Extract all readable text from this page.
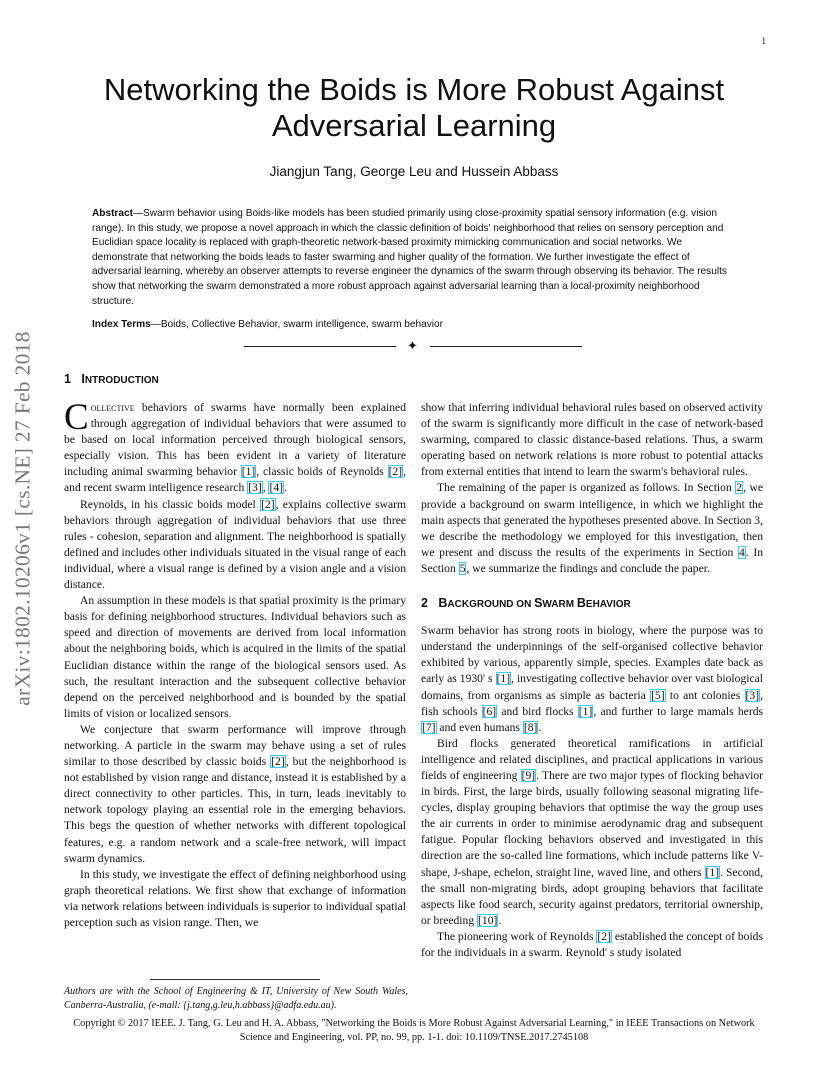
1
arXiv:1802.10206v1 [cs.NE] 27 Feb 2018
Networking the Boids is More Robust Against
Adversarial Learning
Jiangjun Tang, George Leu and Hussein Abbass
Abstract—Swarm behavior using Boids-like models has been studied primarily using close-proximity spatial sensory information (e.g. vision range). In this study, we propose a novel approach in which the classic definition of boids' neighborhood that relies on sensory perception and Euclidian space locality is replaced with graph-theoretic network-based proximity mimicking communication and social networks. We demonstrate that networking the boids leads to faster swarming and higher quality of the formation. We further investigate the effect of adversarial learning, whereby an observer attempts to reverse engineer the dynamics of the swarm through observing its behavior. The results show that networking the swarm demonstrated a more robust approach against adversarial learning than a local-proximity neighborhood structure.
Index Terms—Boids, Collective Behavior, swarm intelligence, swarm behavior
✦
1 INTRODUCTION

Collective behaviors of swarms have normally been explained through aggregation of individual behaviors that were assumed to be based on local information perceived through biological sensors, especially vision. This has been evident in a variety of literature including animal swarming behavior [1], classic boids of Reynolds [2], and recent swarm intelligence research [3], [4].

Reynolds, in his classic boids model [2], explains collective swarm behaviors through aggregation of individual behaviors that use three rules - cohesion, separation and alignment. The neighborhood is spatially defined and includes other individuals situated in the visual range of each individual, where a visual range is defined by a vision angle and a vision distance.

An assumption in these models is that spatial proximity is the primary basis for defining neighborhood structures. Individual behaviors such as speed and direction of movements are derived from local information about the neighboring boids, which is acquired in the limits of the spatial Euclidian distance within the range of the biological sensors used. As such, the resultant interaction and the subsequent collective behavior depend on the perceived neighborhood and is bounded by the spatial limits of vision or localized sensors.

We conjecture that swarm performance will improve through networking. A particle in the swarm may behave using a set of rules similar to those described by classic boids [2], but the neighborhood is not established by vision range and distance, instead it is established by a direct connectivity to other particles. This, in turn, leads inevitably to network topology playing an essential role in the emerging behaviors. This begs the question of whether networks with different topological features, e.g. a random network and a scale-free network, will impact swarm dynamics.

In this study, we investigate the effect of defining neighborhood using graph theoretical relations. We first show that exchange of information via network relations between individuals is superior to individual spatial perception such as vision range. Then, we

show that inferring individual behavioral rules based on observed activity of the swarm is significantly more difficult in the case of network-based swarming, compared to classic distance-based relations. Thus, a swarm operating based on network relations is more robust to potential attacks from external entities that intend to learn the swarm's behavioral rules.

The remaining of the paper is organized as follows. In Section 2, we provide a background on swarm intelligence, in which we highlight the main aspects that generated the hypotheses presented above. In Section 3, we describe the methodology we employed for this investigation, then we present and discuss the results of the experiments in Section 4. In Section 5, we summarize the findings and conclude the paper.

2 BACKGROUND ON SWARM BEHAVIOR

Swarm behavior has strong roots in biology, where the purpose was to understand the underpinnings of the self-organised collective behavior exhibited by various, apparently simple, species. Examples date back as early as 1930' s [1], investigating collective behavior over vast biological domains, from organisms as simple as bacteria [5] to ant colonies [3], fish schools [6] and bird flocks [1], and further to large mamals herds [7] and even humans [8].

Bird flocks generated theoretical ramifications in artificial intelligence and related disciplines, and practical applications in various fields of engineering [9]. There are two major types of flocking behavior in birds. First, the large birds, usually following seasonal migrating life-cycles, display grouping behaviors that optimise the way the group uses the air currents in order to minimise aerodynamic drag and subsequent fatigue. Popular flocking behaviors observed and investigated in this direction are the so-called line formations, which include patterns like V-shape, J-shape, echelon, straight line, waved line, and others [1]. Second, the small non-migrating birds, adopt grouping behaviors that facilitate aspects like food search, security against predators, territorial ownership, or breeding [10].

The pioneering work of Reynolds [2] established the concept of boids for the individuals in a swarm. Reynold' s study isolated

Authors are with the School of Engineering & IT, University of New South Wales, Canberra-Australia, (e-mail: {j.tang,g.leu,h.abbass}@adfa.edu.au).
Copyright © 2017 IEEE. J. Tang, G. Leu and H. A. Abbass, "Networking the Boids is More Robust Against Adversarial Learning," in IEEE Transactions on Network Science and Engineering, vol. PP, no. 99, pp. 1-1. doi: 10.1109/TNSE.2017.2745108
